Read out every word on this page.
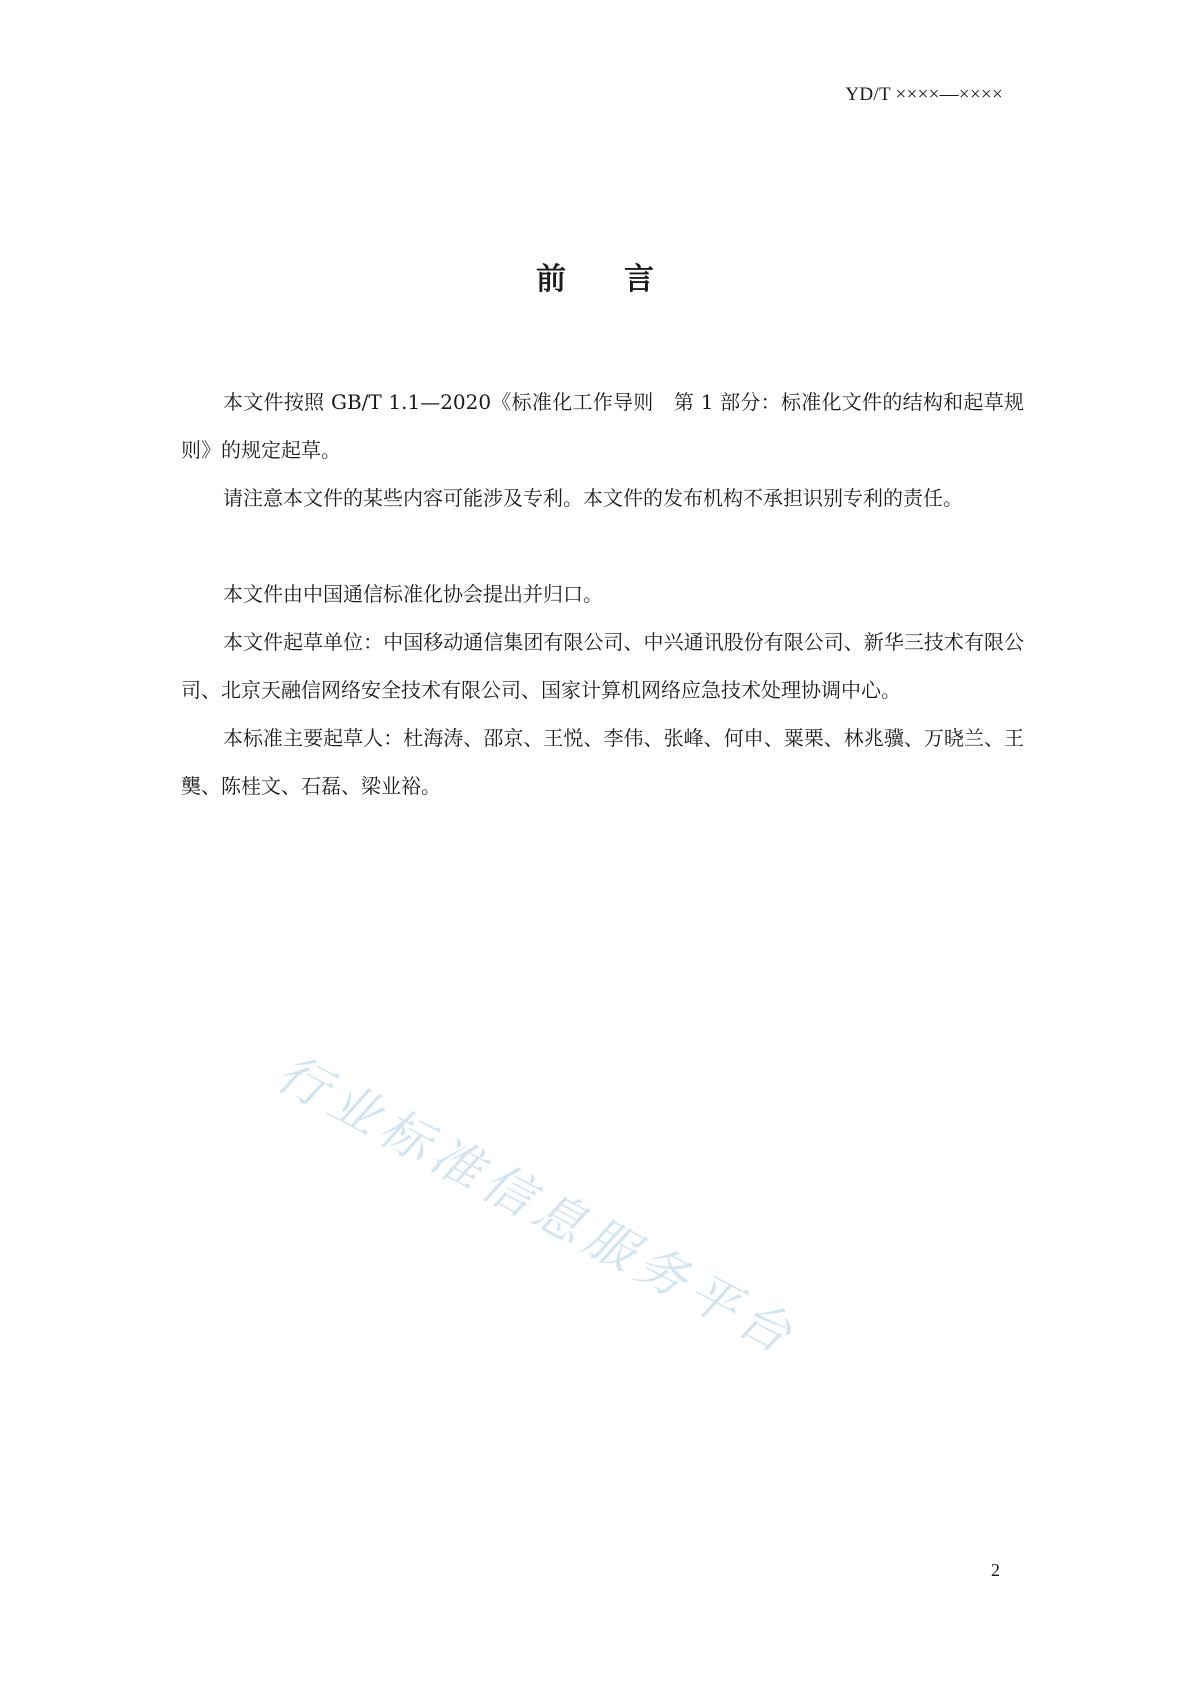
YD/T ××××—××××
前 言

本文件按照 GB/T 1.1—2020《标准化工作导则　第 1 部分：标准化文件的结构和起草规则》的规定起草。

请注意本文件的某些内容可能涉及专利。本文件的发布机构不承担识别专利的责任。

本文件由中国通信标准化协会提出并归口。

本文件起草单位：中国移动通信集团有限公司、中兴通讯股份有限公司、新华三技术有限公司、北京天融信网络安全技术有限公司、国家计算机网络应急技术处理协调中心。

本标准主要起草人：杜海涛、邵京、王悦、李伟、张峰、何申、粟栗、林兆骥、万晓兰、王龑、陈桂文、石磊、梁业裕。

行业标准信息服务平台
2
